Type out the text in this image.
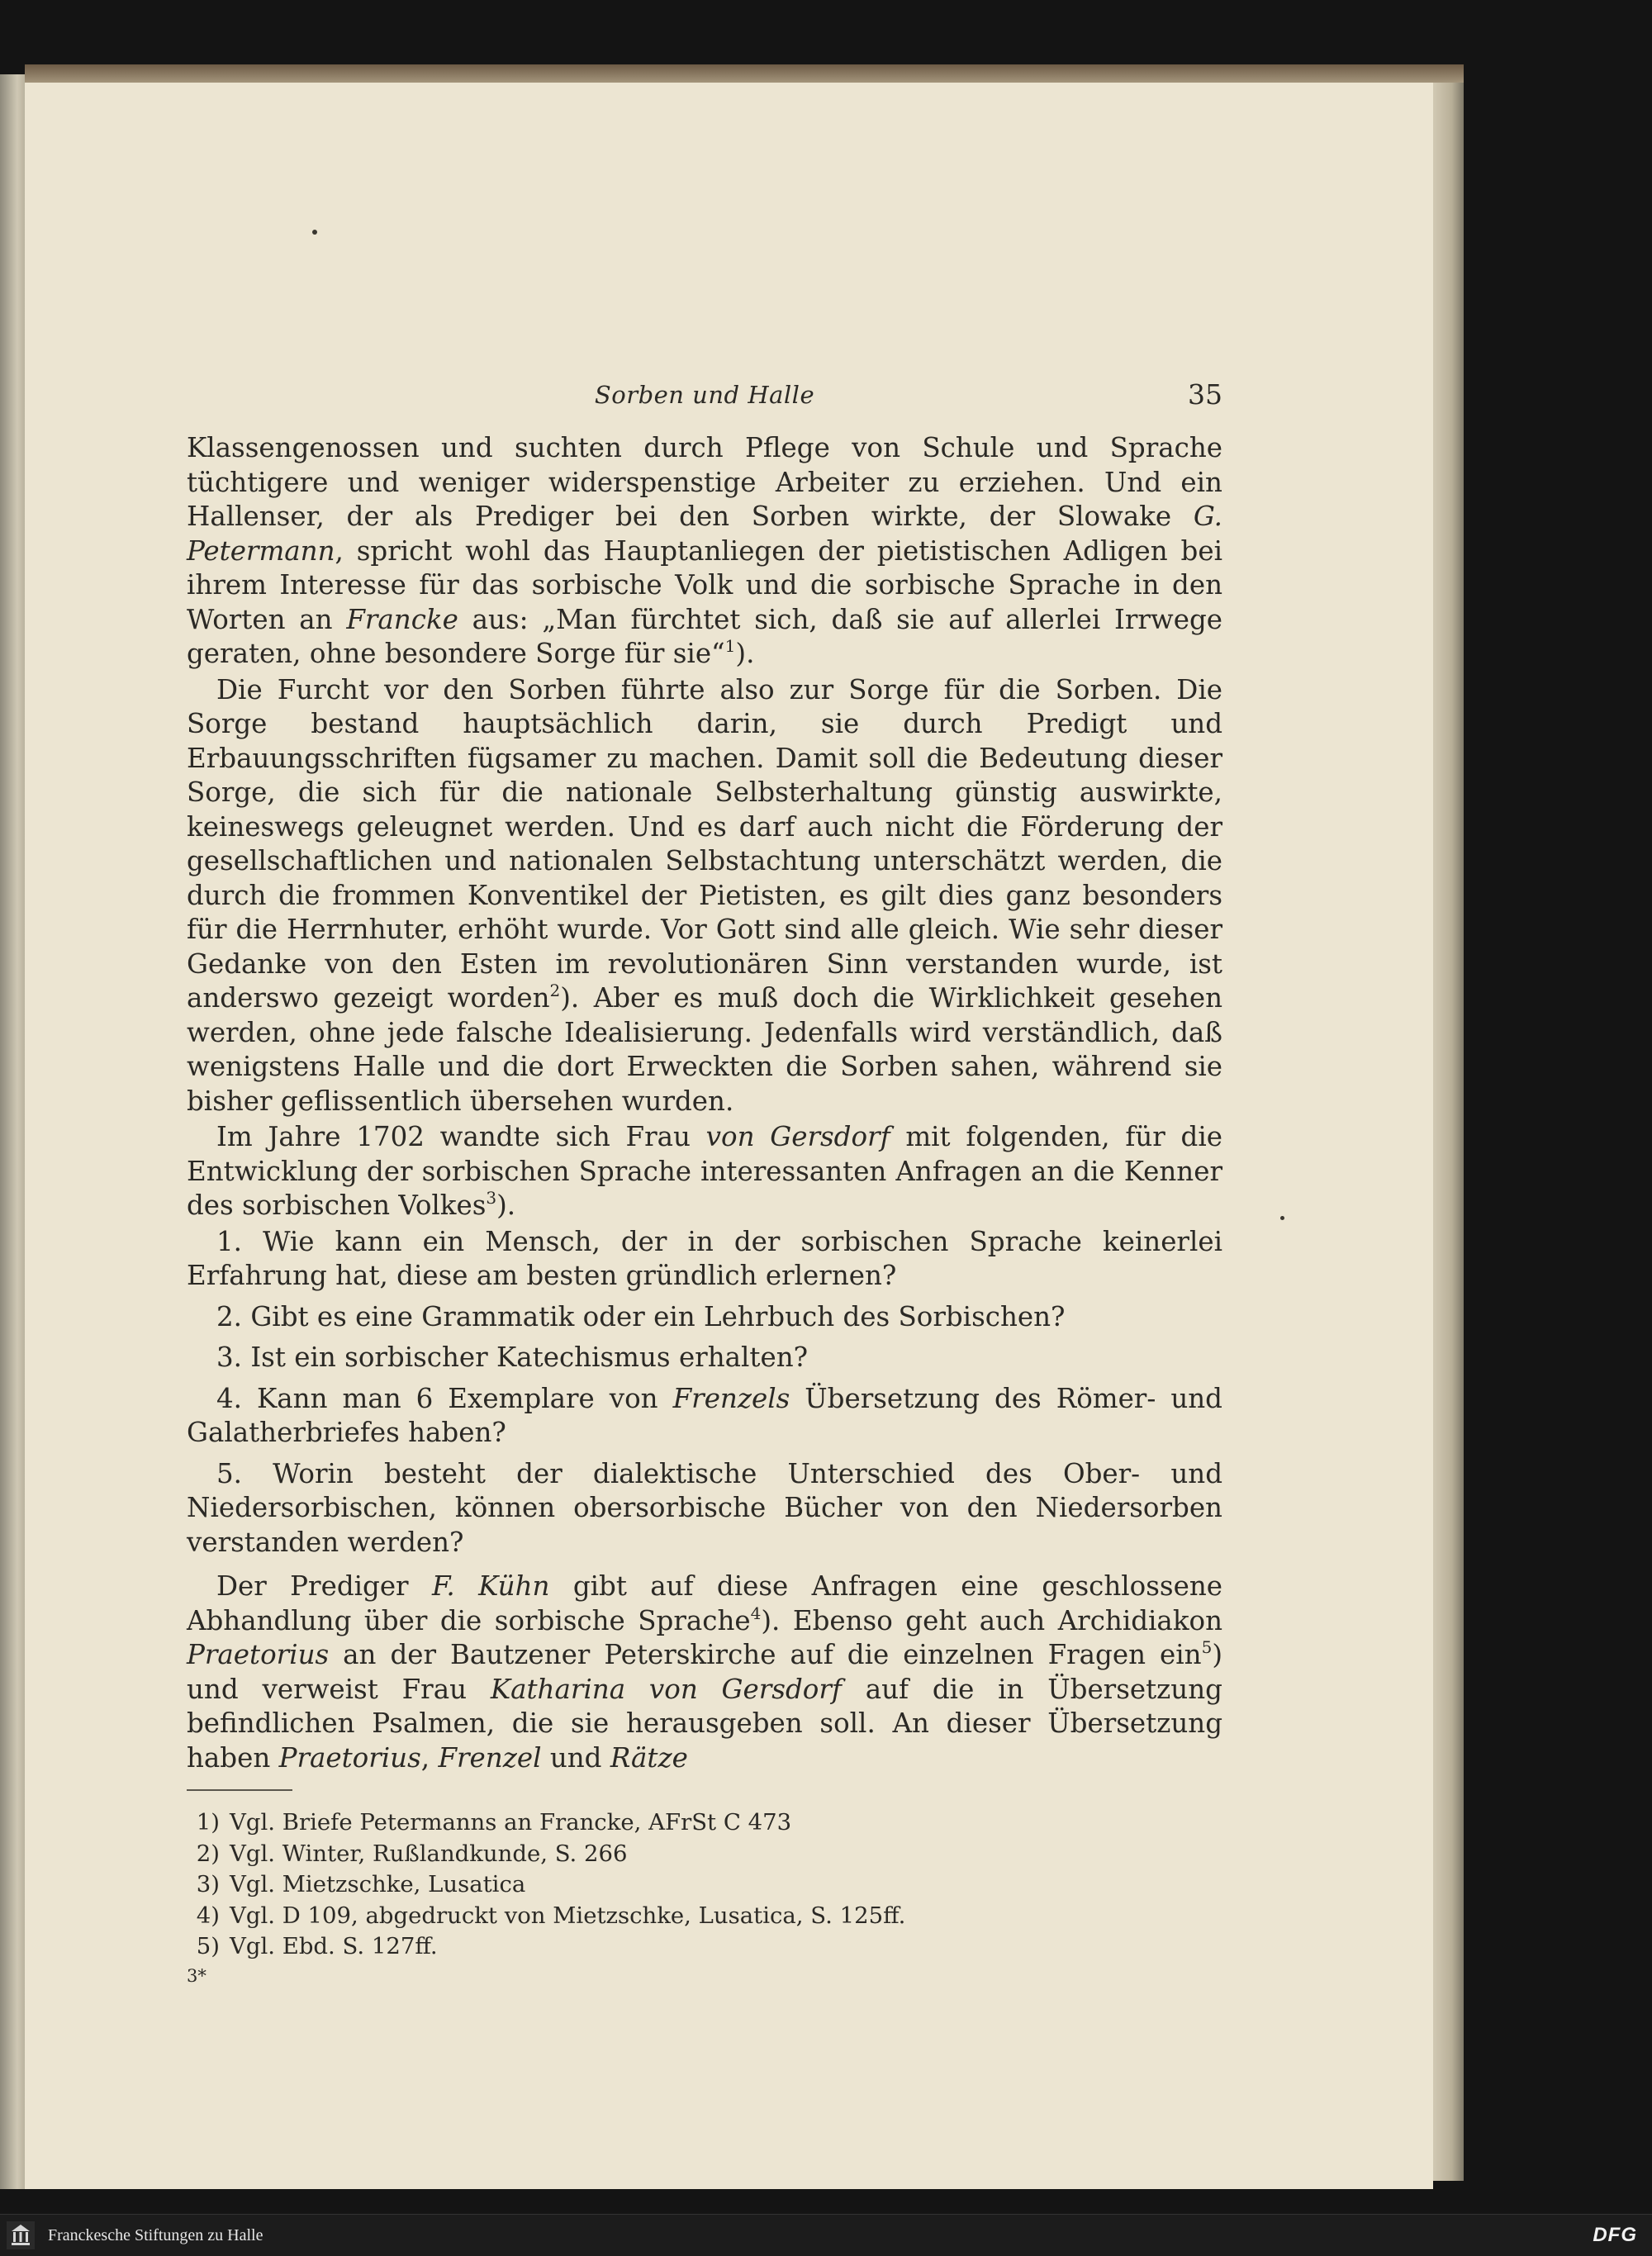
Sorben und Halle	35

Klassengenossen und suchten durch Pflege von Schule und Sprache tüchtigere und weniger widerspenstige Arbeiter zu erziehen. Und ein Hallenser, der als Prediger bei den Sorben wirkte, der Slowake G. Petermann, spricht wohl das Hauptanliegen der pietistischen Adligen bei ihrem Interesse für das sorbische Volk und die sorbische Sprache in den Worten an Francke aus: „Man fürchtet sich, daß sie auf allerlei Irrwege geraten, ohne besondere Sorge für sie“$^1$).

Die Furcht vor den Sorben führte also zur Sorge für die Sorben. Die Sorge bestand hauptsächlich darin, sie durch Predigt und Erbauungsschriften fügsamer zu machen. Damit soll die Bedeutung dieser Sorge, die sich für die nationale Selbsterhaltung günstig auswirkte, keineswegs geleugnet werden. Und es darf auch nicht die Förderung der gesellschaftlichen und nationalen Selbstachtung unterschätzt werden, die durch die frommen Konventikel der Pietisten, es gilt dies ganz besonders für die Herrnhuter, erhöht wurde. Vor Gott sind alle gleich. Wie sehr dieser Gedanke von den Esten im revolutionären Sinn verstanden wurde, ist anderswo gezeigt worden$^2$). Aber es muß doch die Wirklichkeit gesehen werden, ohne jede falsche Idealisierung. Jedenfalls wird verständlich, daß wenigstens Halle und die dort Erweckten die Sorben sahen, während sie bisher geflissentlich übersehen wurden.

Im Jahre 1702 wandte sich Frau von Gersdorf mit folgenden, für die Entwicklung der sorbischen Sprache interessanten Anfragen an die Kenner des sorbischen Volkes$^3$).

1. Wie kann ein Mensch, der in der sorbischen Sprache keinerlei Erfahrung hat, diese am besten gründlich erlernen?

2. Gibt es eine Grammatik oder ein Lehrbuch des Sorbischen?

3. Ist ein sorbischer Katechismus erhalten?

4. Kann man 6 Exemplare von Frenzels Übersetzung des Römer- und Galatherbriefes haben?

5. Worin besteht der dialektische Unterschied des Ober- und Niedersorbischen, können obersorbische Bücher von den Niedersorben verstanden werden?

Der Prediger F. Kühn gibt auf diese Anfragen eine geschlossene Abhandlung über die sorbische Sprache$^4$). Ebenso geht auch Archidiakon Praetorius an der Bautzener Peterskirche auf die einzelnen Fragen ein$^5$) und verweist Frau Katharina von Gersdorf auf die in Übersetzung befindlichen Psalmen, die sie herausgeben soll. An dieser Übersetzung haben Praetorius, Frenzel und Rätze

1) Vgl. Briefe Petermanns an Francke, AFrSt C 473
2) Vgl. Winter, Rußlandkunde, S. 266
3) Vgl. Mietzschke, Lusatica
4) Vgl. D 109, abgedruckt von Mietzschke, Lusatica, S. 125ff.
5) Vgl. Ebd. S. 127ff.
3*
Franckesche Stiftungen zu Halle	DFG
